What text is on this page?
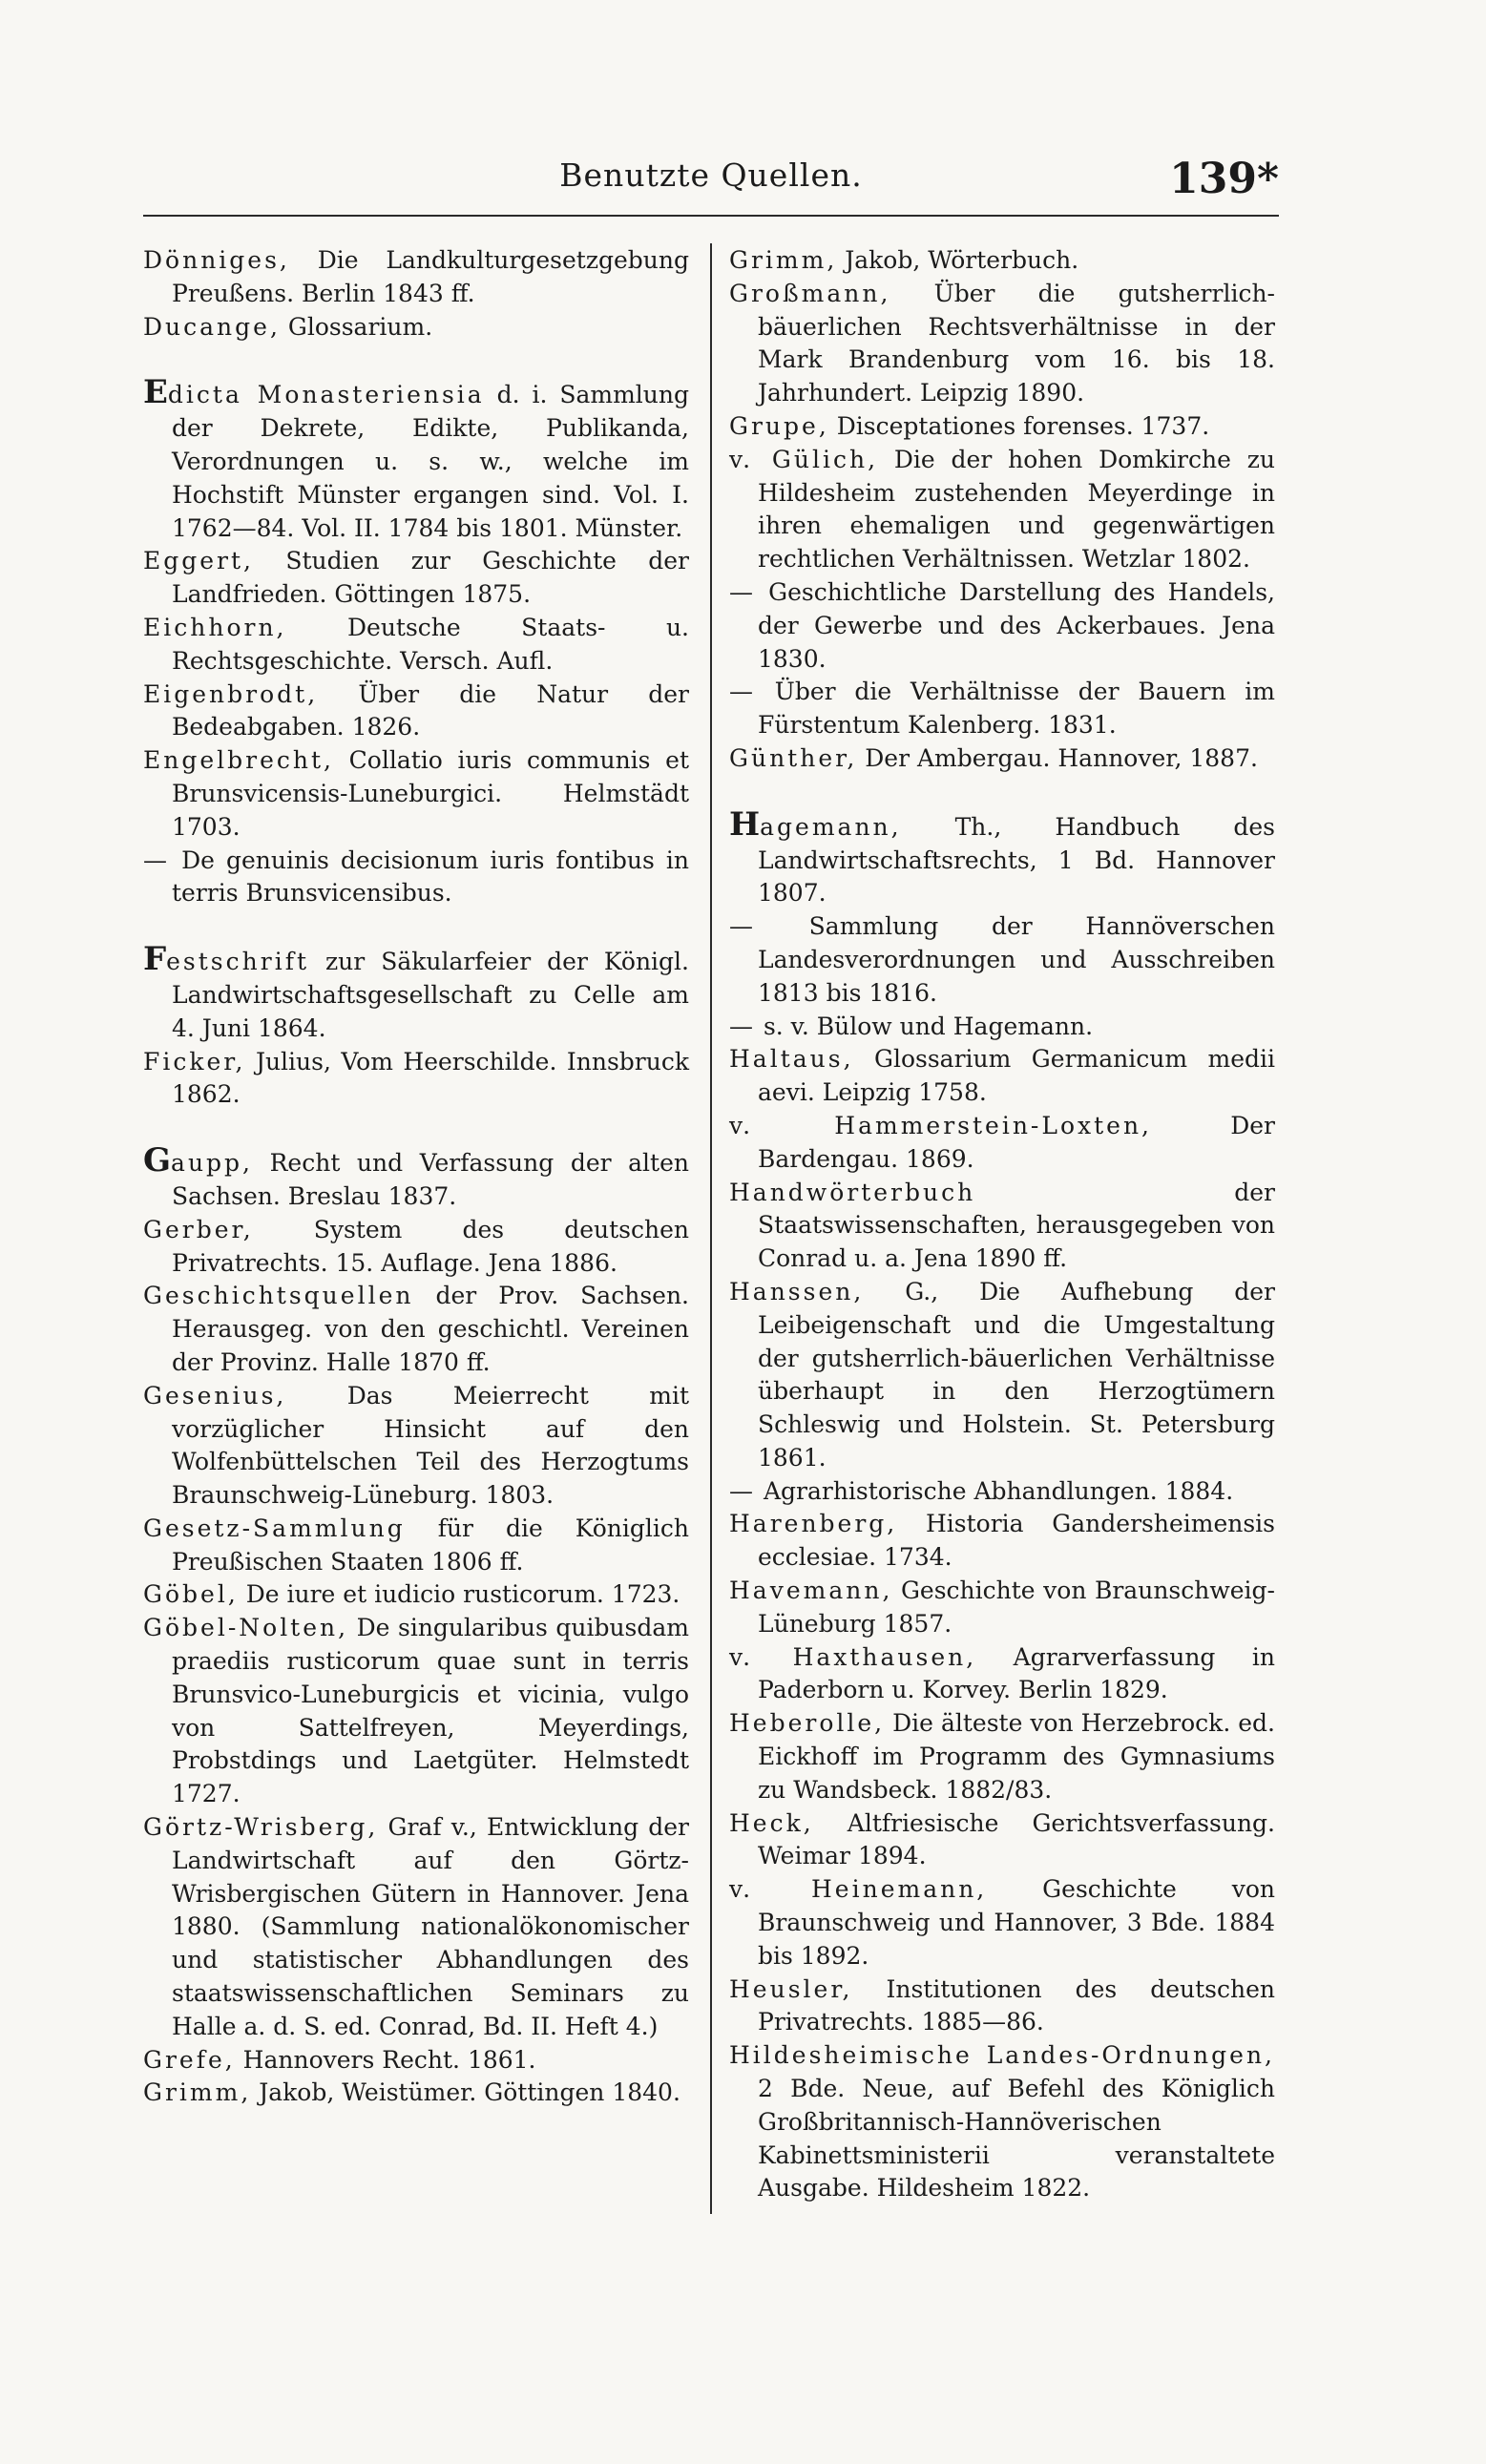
Benutzte Quellen.	139*

Dönniges, Die Landkulturgesetzgebung Preußens. Berlin 1843 ff.

Ducange, Glossarium.

Edicta Monasteriensia d. i. Sammlung der Dekrete, Edikte, Publikanda, Verordnungen u. s. w., welche im Hochstift Münster ergangen sind. Vol. I. 1762—84. Vol. II. 1784 bis 1801. Münster.

Eggert, Studien zur Geschichte der Landfrieden. Göttingen 1875.

Eichhorn,	Deutsche Staats- u. Rechtsgeschichte. Versch. Aufl.

Eigenbrodt, Über die Natur der Bedeabgaben. 1826.

Engelbrecht, Collatio iuris communis et Brunsvicensis-Luneburgici. Helmstädt 1703.

— De genuinis decisionum iuris fontibus in terris Brunsvicensibus.

Festschrift zur Säkularfeier der Königl. Landwirtschaftsgesellschaft zu Celle am 4. Juni 1864.

Ficker, Julius, Vom Heerschilde. Innsbruck 1862.

Gaupp, Recht und Verfassung der alten Sachsen. Breslau 1837.

Gerber,	System des deutschen Privatrechts. 15. Auflage. Jena 1886.

Geschichtsquellen der Prov. Sachsen. Herausgeg. von den geschichtl. Vereinen der Provinz. Halle 1870 ff.

Gesenius,	Das Meierrecht mit vorzüglicher Hinsicht auf den Wolfenbüttelschen Teil des Herzogtums Braunschweig-Lüneburg. 1803.

Gesetz-Sammlung für die Königlich Preußischen Staaten 1806 ff.

Göbel, De iure et iudicio rusticorum. 1723.

Göbel-Nolten, De singularibus quibusdam praediis rusticorum quae sunt in terris Brunsvico-Luneburgicis et vicinia, vulgo von Sattelfreyen, Meyerdings, Probstdings und Laetgüter. Helmstedt 1727.

Görtz-Wrisberg, Graf v., Entwicklung der Landwirtschaft auf den Görtz-Wrisbergischen Gütern in Hannover. Jena 1880. (Sammlung nationalökonomischer und statistischer Abhandlungen des staatswissenschaftlichen Seminars zu Halle a. d. S. ed. Conrad, Bd. II. Heft 4.)

Grefe, Hannovers Recht. 1861.

Grimm, Jakob, Weistümer. Göttingen 1840.

Grimm, Jakob, Wörterbuch.

Großmann, Über die gutsherrlich-bäuerlichen Rechtsverhältnisse in der Mark Brandenburg vom 16. bis 18. Jahrhundert. Leipzig 1890.

Grupe, Disceptationes forenses. 1737.

v. Gülich, Die der hohen Domkirche zu Hildesheim zustehenden Meyerdinge in ihren ehemaligen und gegenwärtigen rechtlichen Verhältnissen. Wetzlar 1802.

— Geschichtliche Darstellung des Handels, der Gewerbe und des Ackerbaues. Jena 1830.

— Über die Verhältnisse der Bauern im Fürstentum Kalenberg. 1831.

Günther, Der Ambergau. Hannover, 1887.

Hagemann, Th., Handbuch des Landwirtschaftsrechts, 1 Bd. Hannover 1807.

— Sammlung der Hannöverschen Landesverordnungen und Ausschreiben 1813 bis 1816.

— s. v. Bülow und Hagemann.

Haltaus, Glossarium Germanicum medii aevi. Leipzig 1758.

v. Hammerstein-Loxten,	Der Bardengau. 1869.

Handwörterbuch	der Staatswissenschaften, herausgegeben von Conrad u. a. Jena 1890 ff.

Hanssen, G., Die Aufhebung der Leibeigenschaft und die Umgestaltung der gutsherrlich-bäuerlichen Verhältnisse überhaupt in den Herzogtümern Schleswig und Holstein. St. Petersburg 1861.

— Agrarhistorische Abhandlungen. 1884.

Harenberg, Historia Gandersheimensis ecclesiae. 1734.

Havemann, Geschichte von Braunschweig-Lüneburg 1857.

v. Haxthausen, Agrarverfassung in Paderborn u. Korvey. Berlin 1829.

Heberolle, Die älteste von Herzebrock. ed. Eickhoff im Programm des Gymnasiums zu Wandsbeck. 1882/83.

Heck, Altfriesische Gerichtsverfassung. Weimar 1894.

v. Heinemann, Geschichte von Braunschweig und Hannover, 3 Bde. 1884 bis 1892.

Heusler, Institutionen des deutschen Privatrechts. 1885—86.

Hildesheimische Landes-Ordnungen, 2 Bde. Neue, auf Befehl des Königlich Großbritannisch-Hannöverischen Kabinettsministerii veranstaltete Ausgabe. Hildesheim 1822.
